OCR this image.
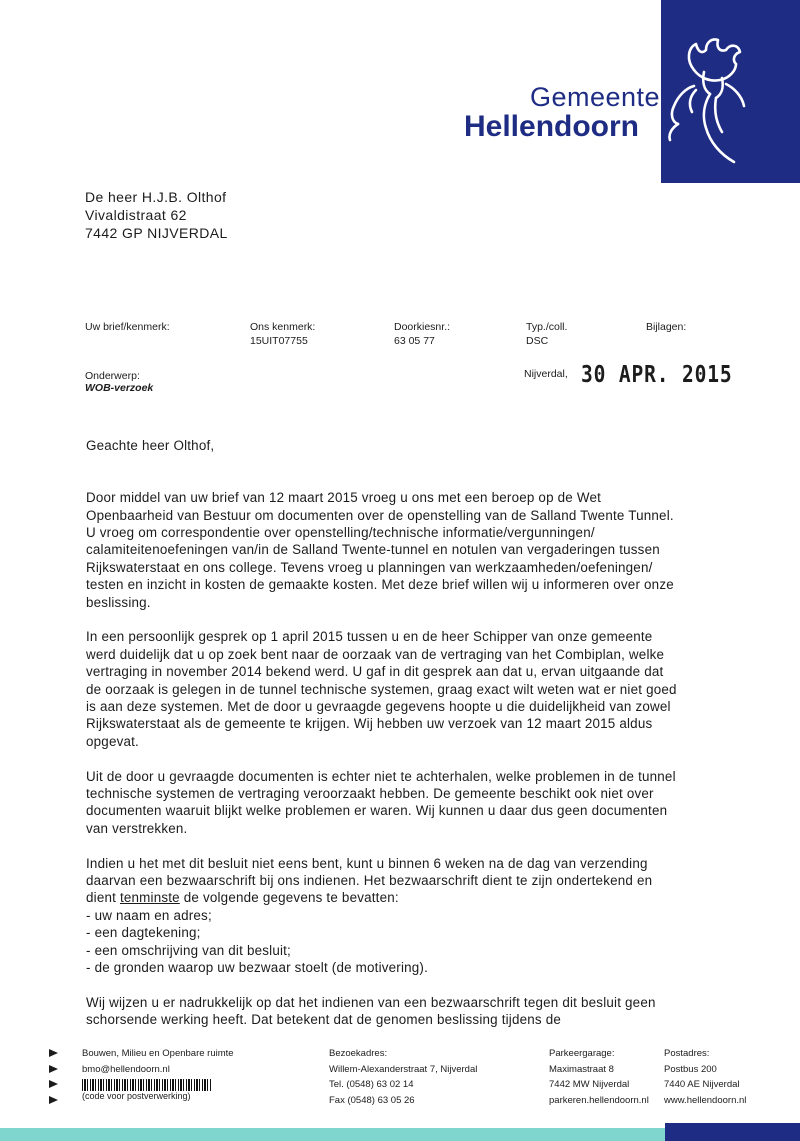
Gemeente
Hellendoorn
De heer H.J.B. Olthof
Vivaldistraat 62
7442 GP NIJVERDAL
Uw brief/kenmerk:	Ons kenmerk:
15UIT07755
Doorkiesnr.:
63 05 77
Typ./coll.
DSC
Bijlagen:
Onderwerp:
WOB-verzoek
Nijverdal, 30 APR. 2015

Geachte heer Olthof,

Door middel van uw brief van 12 maart 2015 vroeg u ons met een beroep op de Wet

Openbaarheid van Bestuur om documenten over de openstelling van de Salland Twente Tunnel.

U vroeg om correspondentie over openstelling/technische informatie/vergunningen/

calamiteitenoefeningen van/in de Salland Twente-tunnel en notulen van vergaderingen tussen

Rijkswaterstaat en ons college. Tevens vroeg u planningen van werkzaamheden/oefeningen/

testen en inzicht in kosten de gemaakte kosten. Met deze brief willen wij u informeren over onze

beslissing.

In een persoonlijk gesprek op 1 april 2015 tussen u en de heer Schipper van onze gemeente

werd duidelijk dat u op zoek bent naar de oorzaak van de vertraging van het Combiplan, welke

vertraging in november 2014 bekend werd. U gaf in dit gesprek aan dat u, ervan uitgaande dat

de oorzaak is gelegen in de tunnel technische systemen, graag exact wilt weten wat er niet goed

is aan deze systemen. Met de door u gevraagde gegevens hoopte u die duidelijkheid van zowel

Rijkswaterstaat als de gemeente te krijgen. Wij hebben uw verzoek van 12 maart 2015 aldus

opgevat.

Uit de door u gevraagde documenten is echter niet te achterhalen, welke problemen in de tunnel

technische systemen de vertraging veroorzaakt hebben. De gemeente beschikt ook niet over

documenten waaruit blijkt welke problemen er waren. Wij kunnen u daar dus geen documenten

van verstrekken.

Indien u het met dit besluit niet eens bent, kunt u binnen 6 weken na de dag van verzending

daarvan een bezwaarschrift bij ons indienen. Het bezwaarschrift dient te zijn ondertekend en

dient tenminste de volgende gegevens te bevatten:

- uw naam en adres;

- een dagtekening;

- een omschrijving van dit besluit;

- de gronden waarop uw bezwaar stoelt (de motivering).

Wij wijzen u er nadrukkelijk op dat het indienen van een bezwaarschrift tegen dit besluit geen

schorsende werking heeft. Dat betekent dat de genomen beslissing tijdens de

Bouwen, Milieu en Openbare ruimte
bmo@hellendoorn.nl
(code voor postverwerking)
Bezoekadres:
Willem-Alexanderstraat 7, Nijverdal
Tel. (0548) 63 02 14
Fax (0548) 63 05 26
Parkeergarage:
Maximastraat 8
7442 MW Nijverdal
parkeren.hellendoorn.nl
Postadres:
Postbus 200
7440 AE Nijverdal
www.hellendoorn.nl
